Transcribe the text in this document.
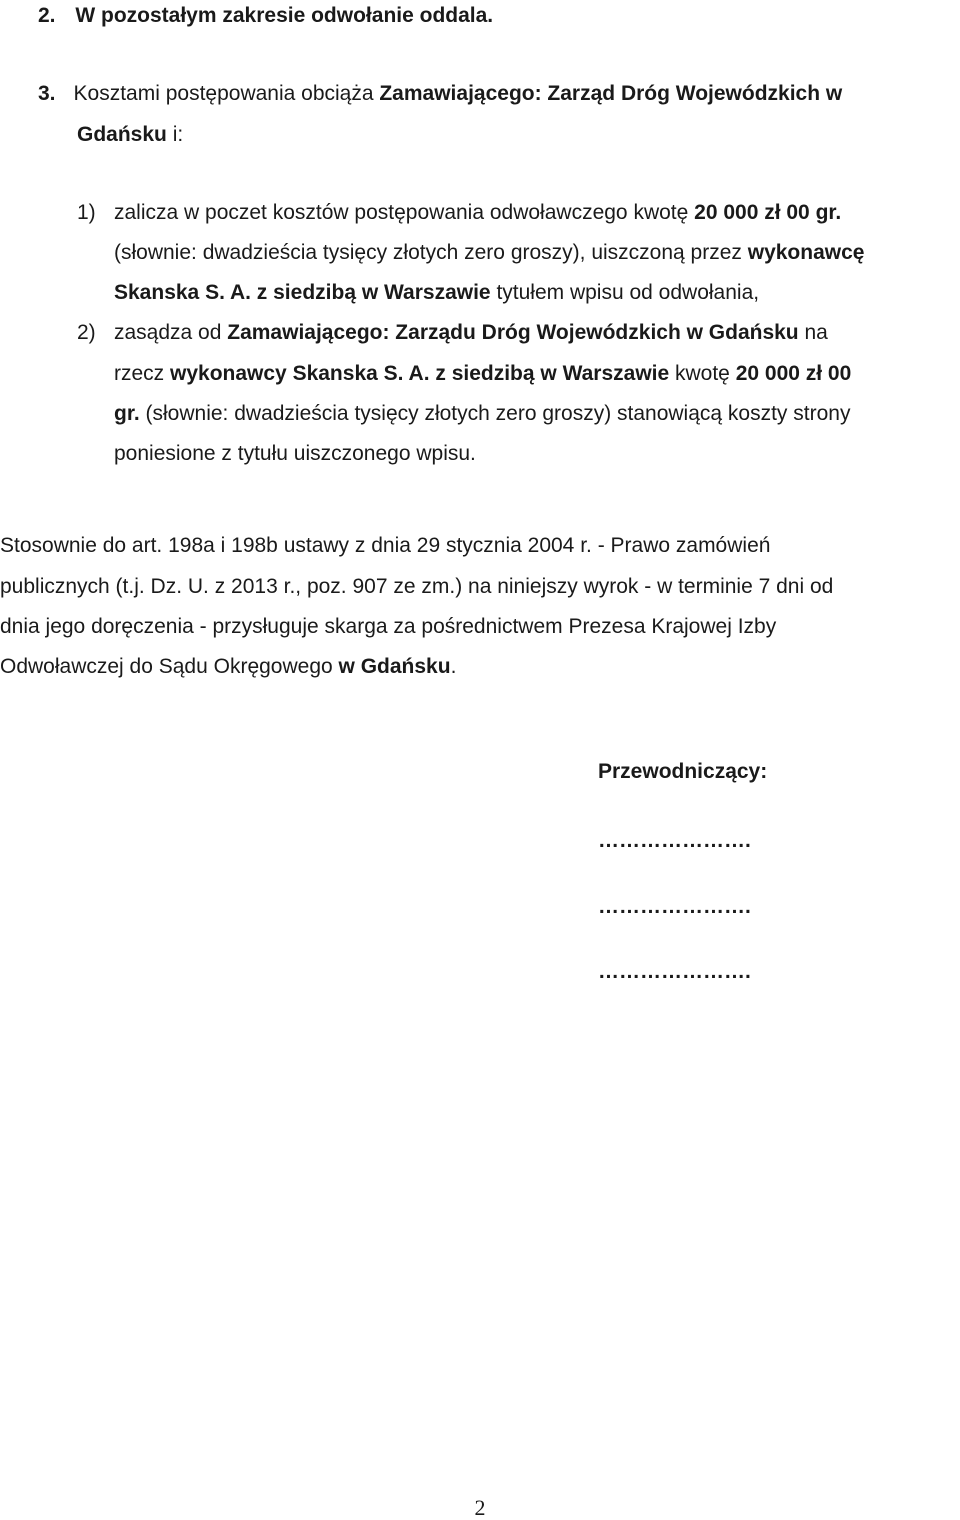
2. W pozostałym zakresie odwołanie oddala.
3. Kosztami postępowania obciąża Zamawiającego: Zarząd Dróg Wojewódzkich w
Gdańsku i:
1) zalicza w poczet kosztów postępowania odwoławczego kwotę 20 000 zł 00 gr.
(słownie: dwadzieścia tysięcy złotych zero groszy), uiszczoną przez wykonawcę
Skanska S. A. z siedzibą w Warszawie tytułem wpisu od odwołania,
2) zasądza od Zamawiającego: Zarządu Dróg Wojewódzkich w Gdańsku na
rzecz wykonawcy Skanska S. A. z siedzibą w Warszawie kwotę 20 000 zł 00
gr. (słownie: dwadzieścia tysięcy złotych zero groszy) stanowiącą koszty strony
poniesione z tytułu uiszczonego wpisu.
Stosownie do art. 198a i 198b ustawy z dnia 29 stycznia 2004 r. - Prawo zamówień
publicznych (t.j. Dz. U. z 2013 r., poz. 907 ze zm.) na niniejszy wyrok - w terminie 7 dni od
dnia jego doręczenia - przysługuje skarga za pośrednictwem Prezesa Krajowej Izby
Odwoławczej do Sądu Okręgowego w Gdańsku.
Przewodniczący:
………………….
………………….
………………….
2
